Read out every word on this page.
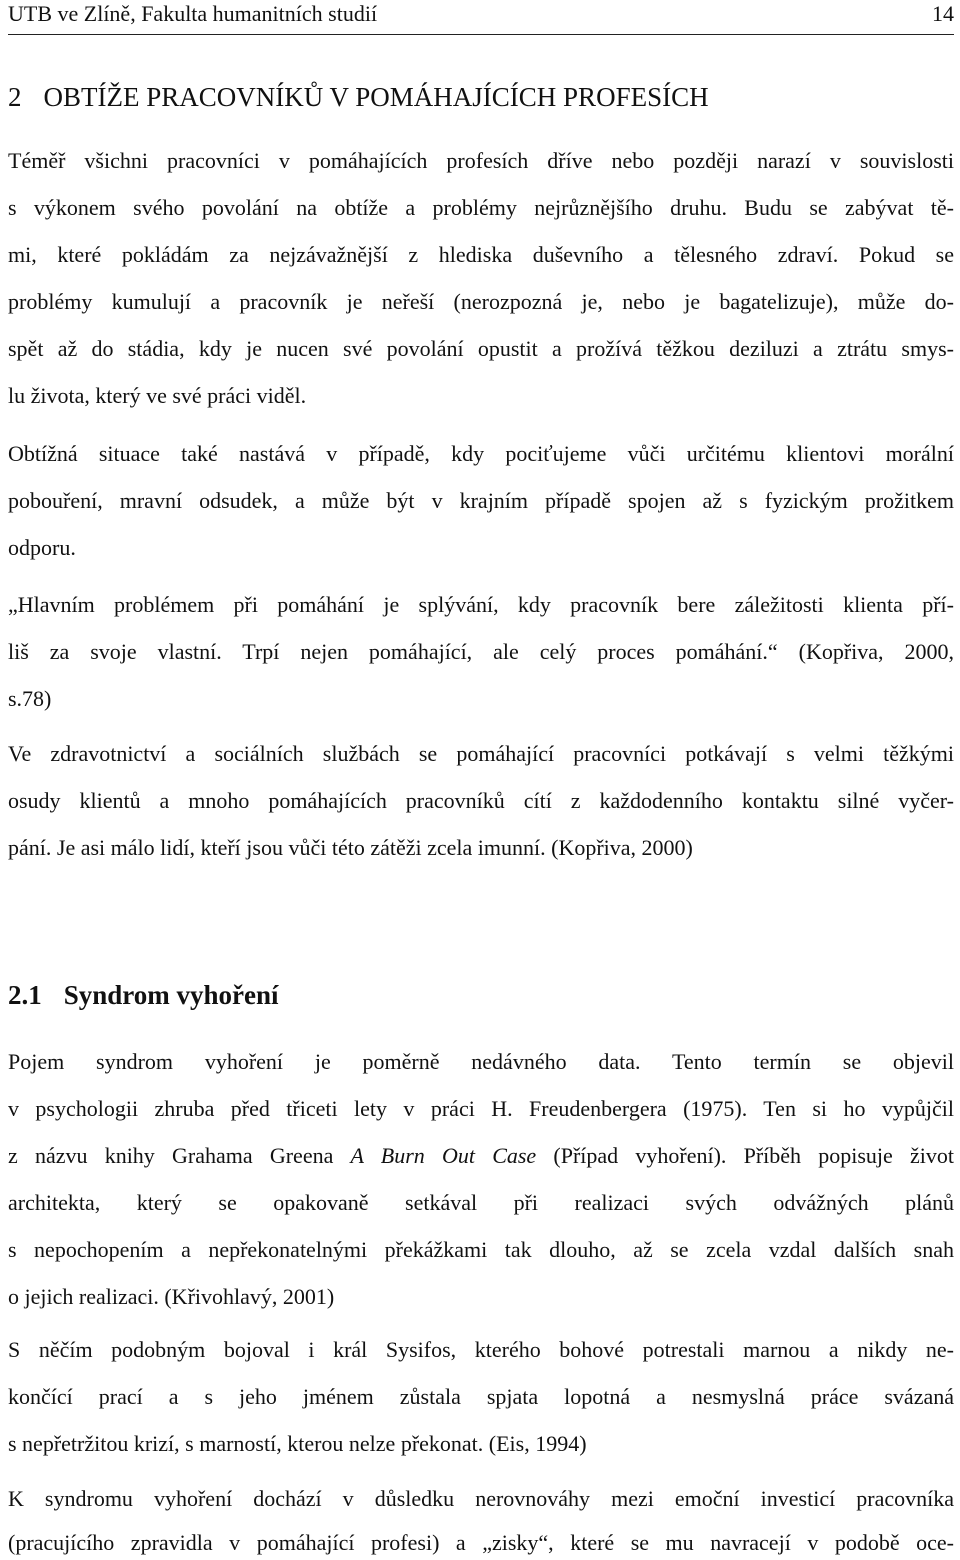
UTB ve Zlíně, Fakulta humanitních studií	14
2 OBTÍŽE PRACOVNÍKŮ V POMÁHAJÍCÍCH PROFESÍCH
Téměř všichni pracovníci v pomáhajících profesích dříve nebo později narazí v souvislosti
s výkonem svého povolání na obtíže a problémy nejrůznějšího druhu. Budu se zabývat tě-
mi, které pokládám za nejzávažnější z hlediska duševního a tělesného zdraví. Pokud se
problémy kumulují a pracovník je neřeší (nerozpozná je, nebo je bagatelizuje), může do-
spět až do stádia, kdy je nucen své povolání opustit a prožívá těžkou deziluzi a ztrátu smys-
lu života, který ve své práci viděl.
Obtížná situace také nastává v případě, kdy pociťujeme vůči určitému klientovi morální
pobouření, mravní odsudek, a může být v krajním případě spojen až s fyzickým prožitkem
odporu.
„Hlavním problémem při pomáhání je splývání, kdy pracovník bere záležitosti klienta pří-
liš za svoje vlastní. Trpí nejen pomáhající, ale celý proces pomáhání.“ (Kopřiva, 2000,
s.78)
Ve zdravotnictví a sociálních službách se pomáhající pracovníci potkávají s velmi těžkými
osudy klientů a mnoho pomáhajících pracovníků cítí z každodenního kontaktu silné vyčer-
pání. Je asi málo lidí, kteří jsou vůči této zátěži zcela imunní. (Kopřiva, 2000)
2.1 Syndrom vyhoření
Pojem syndrom vyhoření je poměrně nedávného data. Tento termín se objevil
v psychologii zhruba před třiceti lety v práci H. Freudenbergera (1975). Ten si ho vypůjčil
z názvu knihy Grahama Greena A Burn Out Case (Případ vyhoření). Příběh popisuje život
architekta, který se opakovaně setkával při realizaci svých odvážných plánů
s nepochopením a nepřekonatelnými překážkami tak dlouho, až se zcela vzdal dalších snah
o jejich realizaci. (Křivohlavý, 2001)
S něčím podobným bojoval i král Sysifos, kterého bohové potrestali marnou a nikdy ne-
končící prací a s jeho jménem zůstala spjata lopotná a nesmyslná práce svázaná
s nepřetržitou krizí, s marností, kterou nelze překonat. (Eis, 1994)
K syndromu vyhoření dochází v důsledku nerovnováhy mezi emoční investicí pracovníka
(pracujícího zpravidla v pomáhající profesi) a „zisky“, které se mu navracejí v podobě oce-
